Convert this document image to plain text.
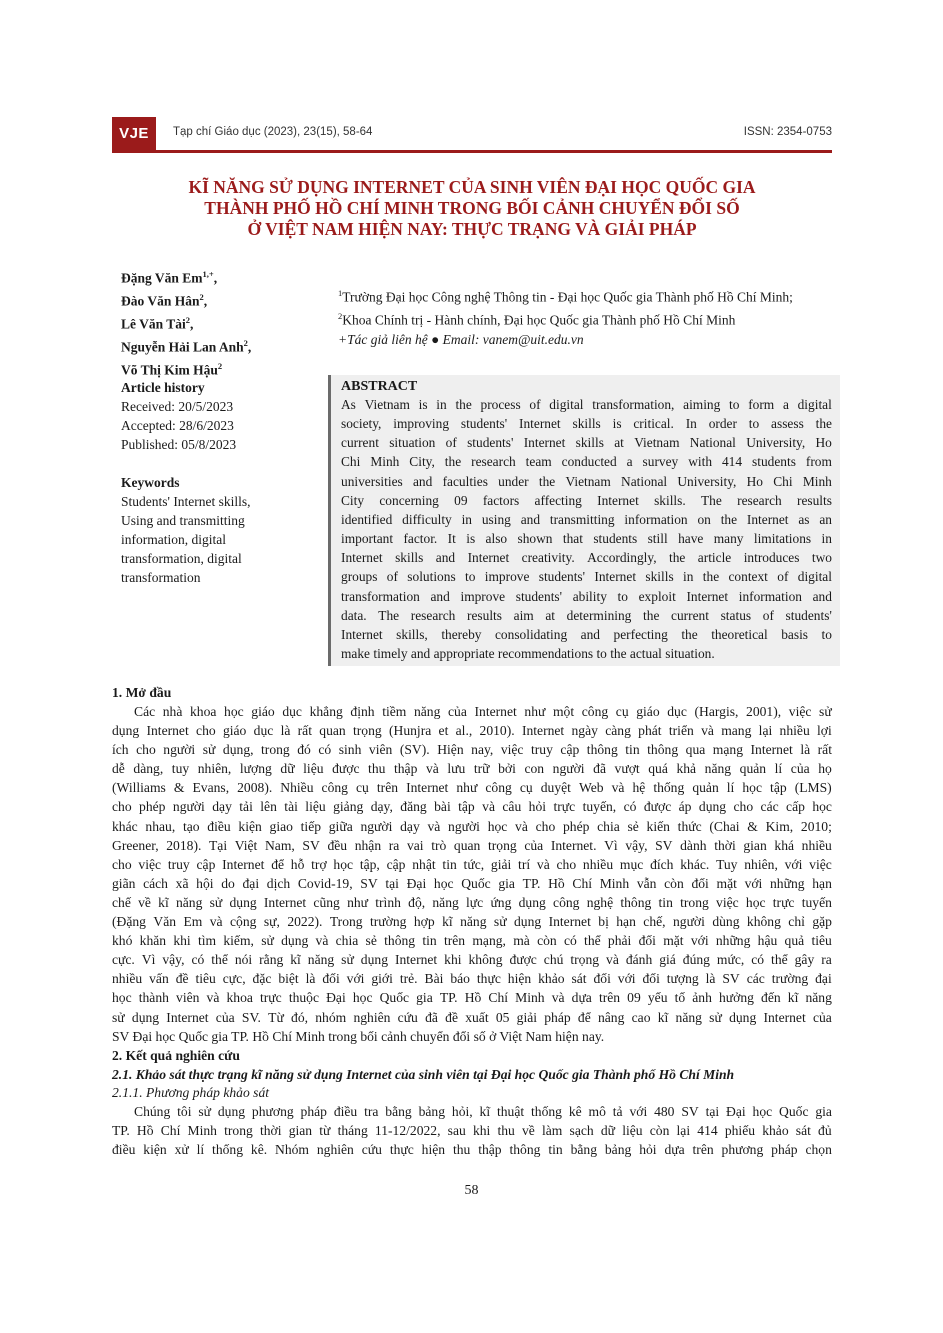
VJE	Tạp chí Giáo dục (2023), 23(15), 58-64	ISSN: 2354-0753
KĨ NĂNG SỬ DỤNG INTERNET CỦA SINH VIÊN ĐẠI HỌC QUỐC GIA
THÀNH PHỐ HỒ CHÍ MINH TRONG BỐI CẢNH CHUYỂN ĐỔI SỐ
Ở VIỆT NAM HIỆN NAY: THỰC TRẠNG VÀ GIẢI PHÁP
Đặng Văn $Em^{1,+}$,
Đào Văn Hân$^2$,
Lê Văn Tài$^2$,
Nguyễn Hải Lan Anh$^2$,
Võ Thị Kim Hậu$^2$
$^1$Trường Đại học Công nghệ Thông tin - Đại học Quốc gia Thành phố Hồ Chí Minh;
$^2$Khoa Chính trị - Hành chính, Đại học Quốc gia Thành phố Hồ Chí Minh
+Tác giả liên hệ ● Email: vanem@uit.edu.vn
Article history
Received: 20/5/2023
Accepted: 28/6/2023
Published: 05/8/2023
Keywords
Students' Internet skills,
Using and transmitting
information, digital
transformation, digital
transformation
ABSTRACT
As Vietnam is in the process of digital transformation, aiming to form a digital
society, improving students' Internet skills is critical. In order to assess the
current situation of students' Internet skills at Vietnam National University, Ho
Chi Minh City, the research team conducted a survey with 414 students from
universities and faculties under the Vietnam National University, Ho Chi Minh
City concerning 09 factors affecting Internet skills. The research results
identified difficulty in using and transmitting information on the Internet as an
important factor. It is also shown that students still have many limitations in
Internet skills and Internet creativity. Accordingly, the article introduces two
groups of solutions to improve students' Internet skills in the context of digital
transformation and improve students' ability to exploit Internet information and
data. The research results aim at determining the current status of students'
Internet skills, thereby consolidating and perfecting the theoretical basis to
make timely and appropriate recommendations to the actual situation.
1. Mở đầu
Các nhà khoa học giáo dục khẳng định tiềm năng của Internet như một công cụ giáo dục (Hargis, 2001), việc sử
dụng Internet cho giáo dục là rất quan trọng (Hunjra et al., 2010). Internet ngày càng phát triển và mang lại nhiều lợi
ích cho người sử dụng, trong đó có sinh viên (SV). Hiện nay, việc truy cập thông tin thông qua mạng Internet là rất
dễ dàng, tuy nhiên, lượng dữ liệu được thu thập và lưu trữ bởi con người đã vượt quá khả năng quản lí của họ
(Williams & Evans, 2008). Nhiều công cụ trên Internet như công cụ duyệt Web và hệ thống quản lí học tập (LMS)
cho phép người dạy tải lên tài liệu giảng dạy, đăng bài tập và câu hỏi trực tuyến, có được áp dụng cho các cấp học
khác nhau, tạo điều kiện giao tiếp giữa người dạy và người học và cho phép chia sẻ kiến thức (Chai & Kim, 2010;
Greener, 2018). Tại Việt Nam, SV đều nhận ra vai trò quan trọng của Internet. Vì vậy, SV dành thời gian khá nhiều
cho việc truy cập Internet để hỗ trợ học tập, cập nhật tin tức, giải trí và cho nhiều mục đích khác. Tuy nhiên, với việc
giãn cách xã hội do đại dịch Covid-19, SV tại Đại học Quốc gia TP. Hồ Chí Minh vẫn còn đối mặt với những hạn
chế về kĩ năng sử dụng Internet cũng như trình độ, năng lực ứng dụng công nghệ thông tin trong việc học trực tuyến
(Đặng Văn Em và cộng sự, 2022). Trong trường hợp kĩ năng sử dụng Internet bị hạn chế, người dùng không chỉ gặp
khó khăn khi tìm kiếm, sử dụng và chia sẻ thông tin trên mạng, mà còn có thể phải đối mặt với những hậu quả tiêu
cực. Vì vậy, có thể nói rằng kĩ năng sử dụng Internet khi không được chú trọng và đánh giá đúng mức, có thể gây ra
nhiều vấn đề tiêu cực, đặc biệt là đối với giới trẻ. Bài báo thực hiện khảo sát đối với đối tượng là SV các trường đại
học thành viên và khoa trực thuộc Đại học Quốc gia TP. Hồ Chí Minh và dựa trên 09 yếu tố ảnh hưởng đến kĩ năng
sử dụng Internet của SV. Từ đó, nhóm nghiên cứu đã đề xuất 05 giải pháp để nâng cao kĩ năng sử dụng Internet của
SV Đại học Quốc gia TP. Hồ Chí Minh trong bối cảnh chuyển đổi số ở Việt Nam hiện nay.
2. Kết quả nghiên cứu
2.1. Khảo sát thực trạng kĩ năng sử dụng Internet của sinh viên tại Đại học Quốc gia Thành phố Hồ Chí Minh
2.1.1. Phương pháp khảo sát
Chúng tôi sử dụng phương pháp điều tra bằng bảng hỏi, kĩ thuật thống kê mô tả với 480 SV tại Đại học Quốc gia
TP. Hồ Chí Minh trong thời gian từ tháng 11-12/2022, sau khi thu về làm sạch dữ liệu còn lại 414 phiếu khảo sát đủ
điều kiện xử lí thống kê. Nhóm nghiên cứu thực hiện thu thập thông tin bằng bảng hỏi dựa trên phương pháp chọn
58
